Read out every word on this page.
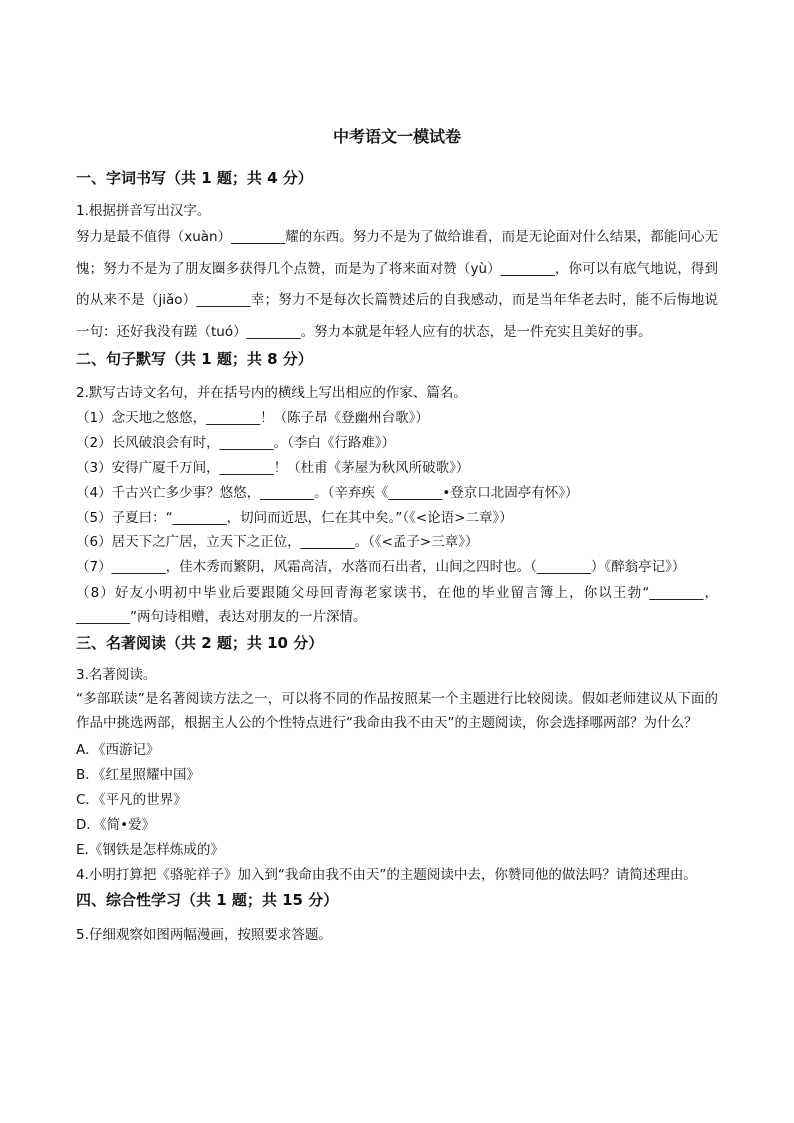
中考语文一模试卷
一、字词书写（共 1 题；共 4 分）
1.根据拼音写出汉字。
努力是最不值得（xuàn）________耀的东西。努力不是为了做给谁看，而是无论面对什么结果，都能问心无愧；努力不是为了朋友圈多获得几个点赞，而是为了将来面对赞（yù）________，你可以有底气地说，得到的从来不是（jiǎo）________幸；努力不是每次长篇赞述后的自我感动，而是当年华老去时，能不后悔地说一句：还好我没有蹉（tuó）________。努力本就是年轻人应有的状态，是一件充实且美好的事。
二、句子默写（共 1 题；共 8 分）
2.默写古诗文名句，并在括号内的横线上写出相应的作家、篇名。
（1）念天地之悠悠，________！（陈子昂《登幽州台歌》）
（2）长风破浪会有时，________。（李白《行路难》）
（3）安得广厦千万间，________！（杜甫《茅屋为秋风所破歌》）
（4）千古兴亡多少事？悠悠，________。（辛弃疾《________•登京口北固亭有怀》）
（5）子夏曰：“________，切问而近思，仁在其中矣。”（《<论语>二章》）
（6）居天下之广居，立天下之正位，________。（《<孟子>三章》）
（7）________，佳木秀而繁阴，风霜高洁，水落而石出者，山间之四时也。（________）《醉翁亭记》）
（8）好友小明初中毕业后要跟随父母回青海老家读书，在他的毕业留言簿上，你以王勃“________，________”两句诗相赠，表达对朋友的一片深情。
三、名著阅读（共 2 题；共 10 分）
3.名著阅读。
“多部联读”是名著阅读方法之一，可以将不同的作品按照某一个主题进行比较阅读。假如老师建议从下面的作品中挑选两部，根据主人公的个性特点进行“我命由我不由天”的主题阅读，你会选择哪两部？为什么？
A．《西游记》
B．《红星照耀中国》
C．《平凡的世界》
D．《简•爱》
E.《钢铁是怎样炼成的》
4.小明打算把《骆驼祥子》加入到“我命由我不由天”的主题阅读中去，你赞同他的做法吗？请简述理由。
四、综合性学习（共 1 题；共 15 分）
5.仔细观察如图两幅漫画，按照要求答题。
